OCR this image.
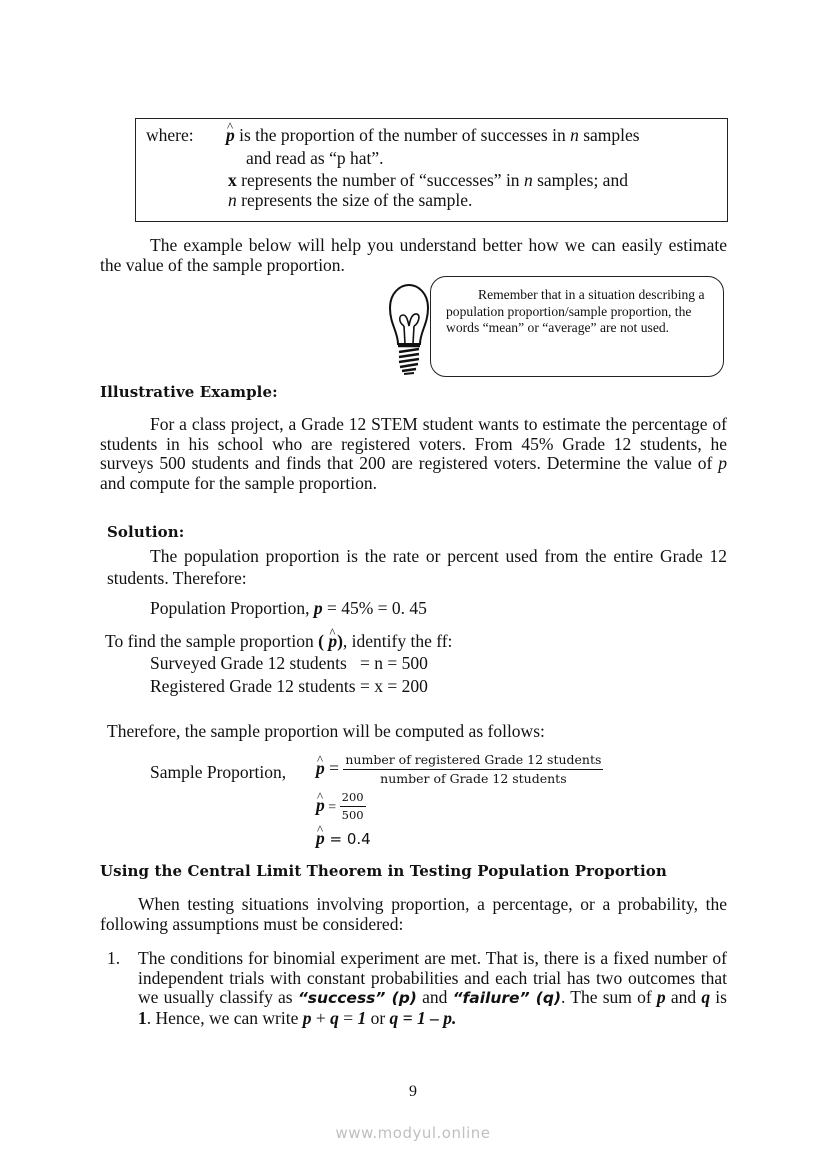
where: ^ p is the proportion of the number of successes in n samples
and read as “p hat”.
x represents the number of “successes” in n samples; and
n represents the size of the sample.
The example below will help you understand better how we can easily estimate the value of the sample proportion.

Remember that in a situation describing a population proportion/sample proportion, the words “mean” or “average” are not used.

Illustrative Example:
For a class project, a Grade 12 STEM student wants to estimate the percentage of students in his school who are registered voters. From 45% Grade 12 students, he surveys 500 students and finds that 200 are registered voters. Determine the value of p and compute for the sample proportion.
Solution:
The population proportion is the rate or percent used from the entire Grade 12 students. Therefore:
Population Proportion, p = 45% = 0. 45
To find the sample proportion ( ^ p), identify the ff:
Surveyed Grade 12 students   = n = 500
Registered Grade 12 students = x = 200
Therefore, the sample proportion will be computed as follows:
Sample Proportion, ^ $p = \frac{\text{number of registered Grade 12 students}}{\text{number of Grade 12 students}}$
^ $p = \frac{200}{500}$
^ p = 0.4
Using the Central Limit Theorem in Testing Population Proportion
When testing situations involving proportion, a percentage, or a probability, the following assumptions must be considered:
1. The conditions for binomial experiment are met. That is, there is a fixed number of independent trials with constant probabilities and each trial has two outcomes that we usually classify as “success” (p) and “failure” (q). The sum of p and q is 1. Hence, we can write p + q = 1 or q = 1 – p.
9
www.modyul.online
